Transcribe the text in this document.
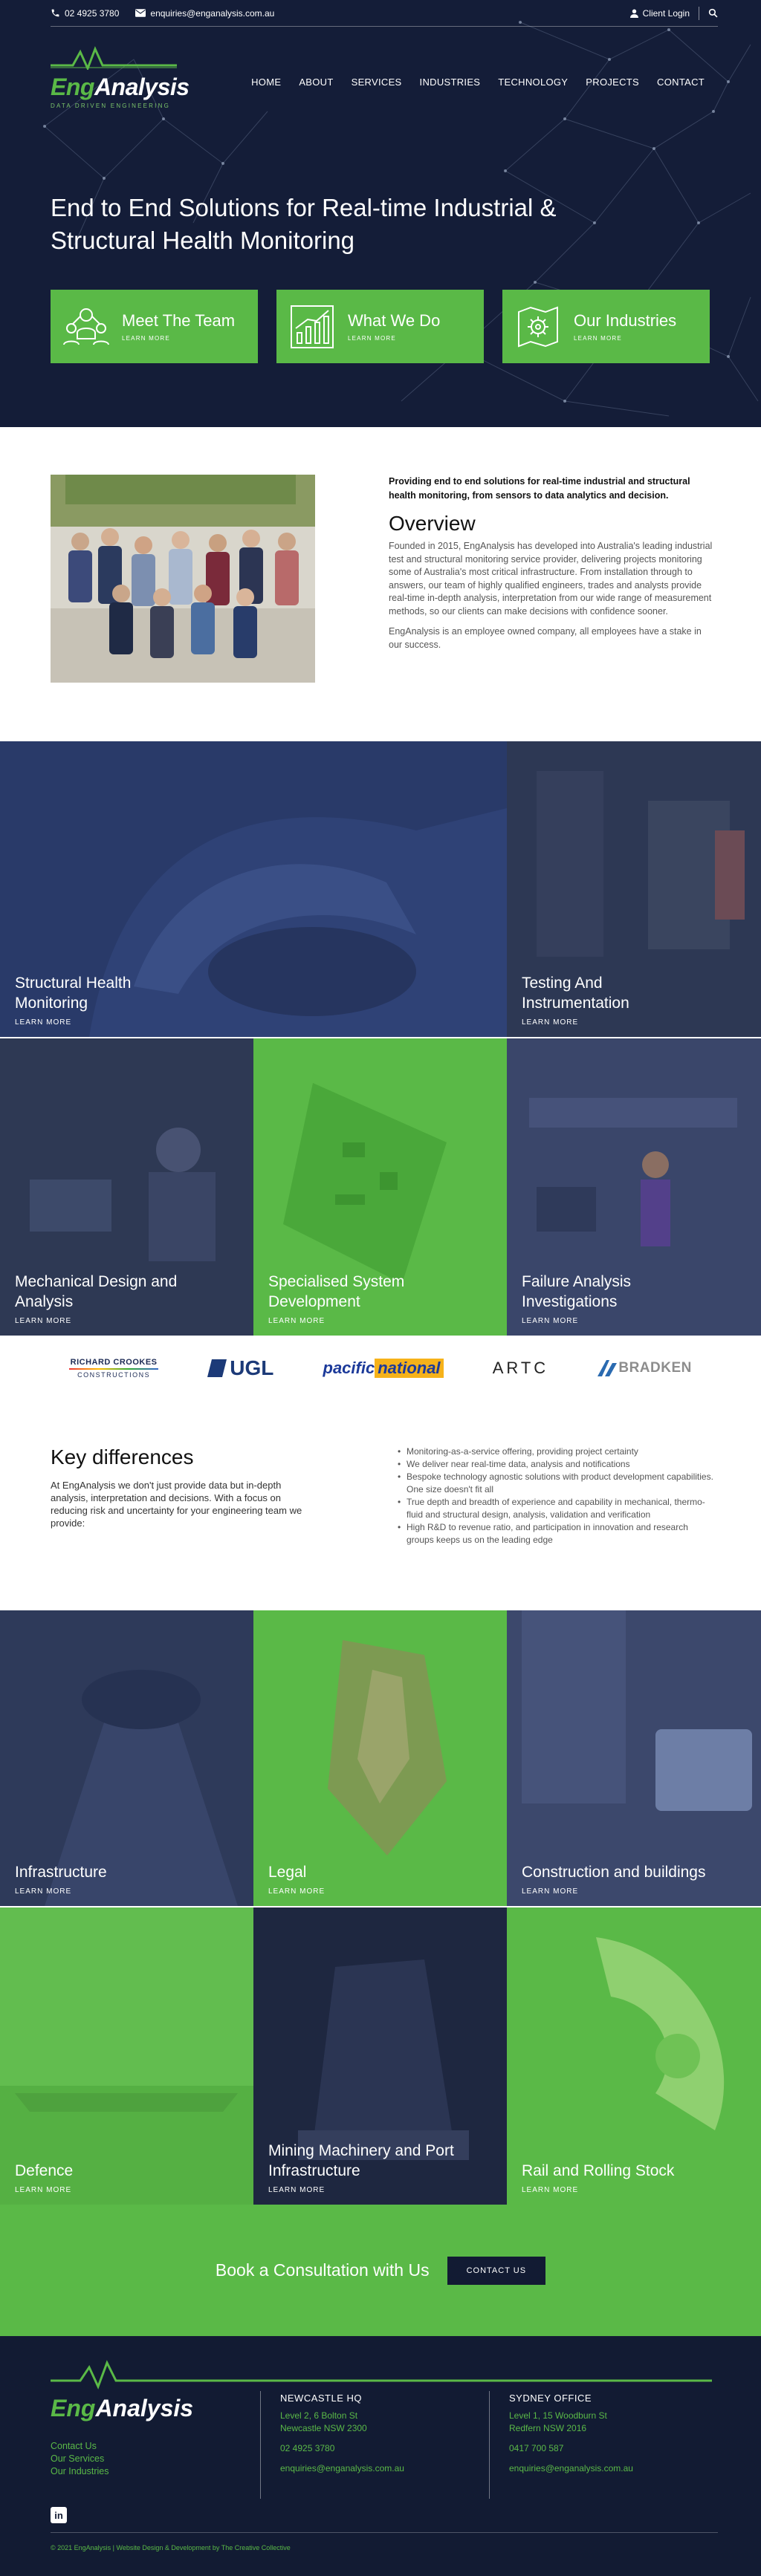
02 4925 3780	enquiries@enganalysis.com.au	Client Login
EngAnalysis
DATA DRIVEN ENGINEERING
HOME ABOUT SERVICES INDUSTRIES TECHNOLOGY PROJECTS CONTACT
End to End Solutions for Real-time Industrial & Structural Health Monitoring
Meet The Team
LEARN MORE
What We Do
LEARN MORE
Our Industries
LEARN MORE
Providing end to end solutions for real-time industrial and structural health monitoring, from sensors to data analytics and decision.
Overview

Founded in 2015, EngAnalysis has developed into Australia's leading industrial test and structural monitoring service provider, delivering projects monitoring some of Australia's most critical infrastructure. From installation through to answers, our team of highly qualified engineers, trades and analysts provide real-time in-depth analysis, interpretation from our wide range of measurement methods, so our clients can make decisions with confidence sooner.

EngAnalysis is an employee owned company, all employees have a stake in our success.

Structural Health Monitoring
LEARN MORE
Testing And Instrumentation
LEARN MORE
Mechanical Design and Analysis
LEARN MORE
Specialised System Development
LEARN MORE
Failure Analysis Investigations
LEARN MORE
RICHARD CROOKES
CONSTRUCTIONS	UGL	pacific national	ARTC	BRADKEN
Key differences
At EngAnalysis we don't just provide data but in-depth analysis, interpretation and decisions. With a focus on reducing risk and uncertainty for your engineering team we provide:
• Monitoring-as-a-service offering, providing project certainty
• We deliver near real-time data, analysis and notifications
• Bespoke technology agnostic solutions with product development capabilities. One size doesn't fit all
• True depth and breadth of experience and capability in mechanical, thermo-fluid and structural design, analysis, validation and verification
• High R&D to revenue ratio, and participation in innovation and research groups keeps us on the leading edge
Infrastructure
LEARN MORE
Legal
LEARN MORE
Construction and buildings
LEARN MORE
Defence
LEARN MORE
Mining Machinery and Port Infrastructure
LEARN MORE
Rail and Rolling Stock
LEARN MORE
Book a Consultation with Us	CONTACT US
EngAnalysis
Contact Us
Our Services
Our Industries
in
NEWCASTLE HQ

Level 2, 6 Bolton St
Newcastle NSW 2300

02 4925 3780

enquiries@enganalysis.com.au

SYDNEY OFFICE

Level 1, 15 Woodburn St
Redfern NSW 2016

0417 700 587

enquiries@enganalysis.com.au

© 2021 EngAnalysis | Website Design & Development by The Creative Collective
